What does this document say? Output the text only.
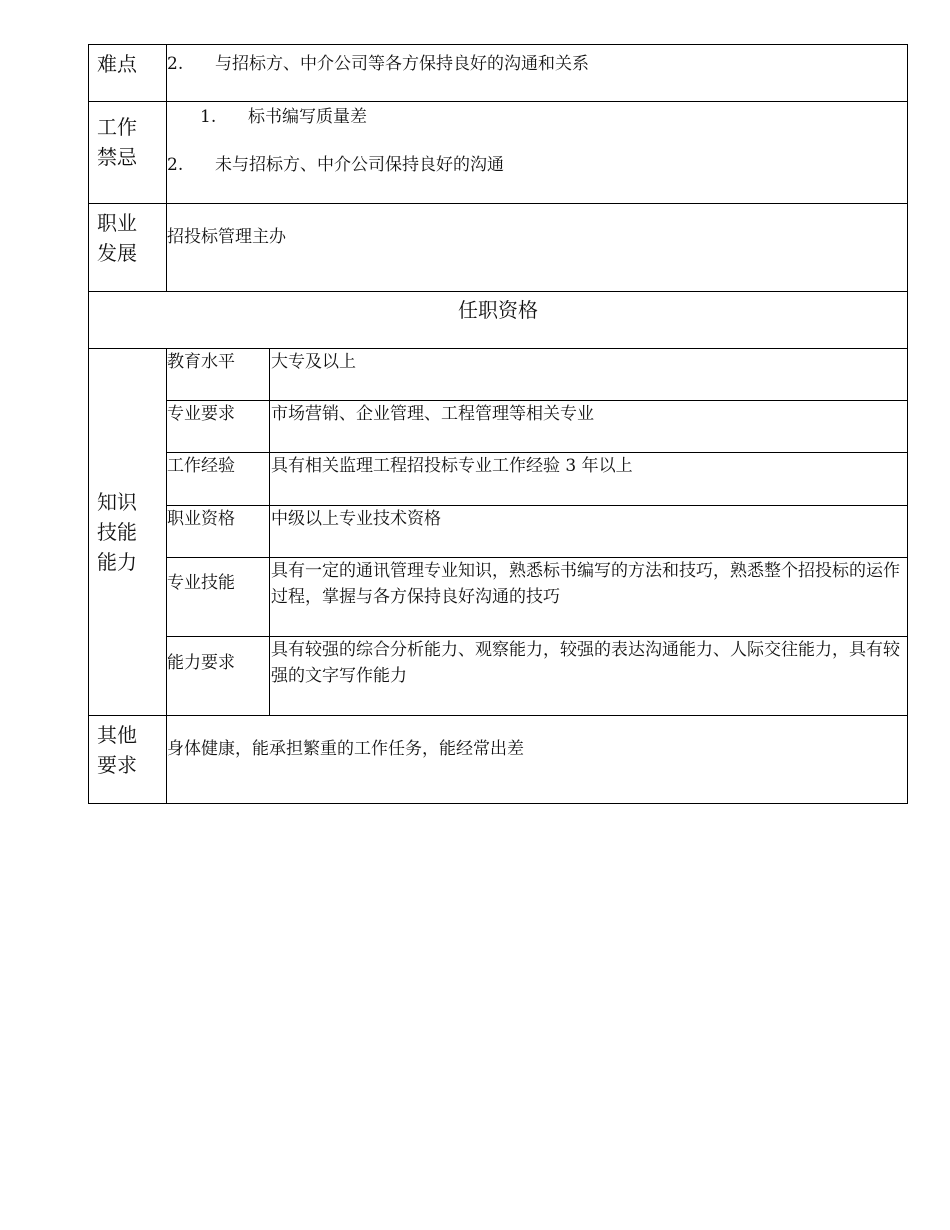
难点	2. 与招标方、中介公司等各方保持良好的沟通和关系	

工作禁忌	1. 标书编写质量差
2. 未与招标方、中介公司保持良好的沟通	

职业发展	招投标管理主办	
任职资格		

知识技能能力	教育水平	大专及以上
	专业要求	市场营销、企业管理、工程管理等相关专业
	工作经验	具有相关监理工程招投标专业工作经验 3 年以上
	职业资格	中级以上专业技术资格
	专业技能	具有一定的通讯管理专业知识，熟悉标书编写的方法和技巧，熟悉整个招投标的运作过程，掌握与各方保持良好沟通的技巧
	能力要求	具有较强的综合分析能力、观察能力，较强的表达沟通能力、人际交往能力，具有较强的文字写作能力

其他要求	身体健康，能承担繁重的工作任务，能经常出差	
